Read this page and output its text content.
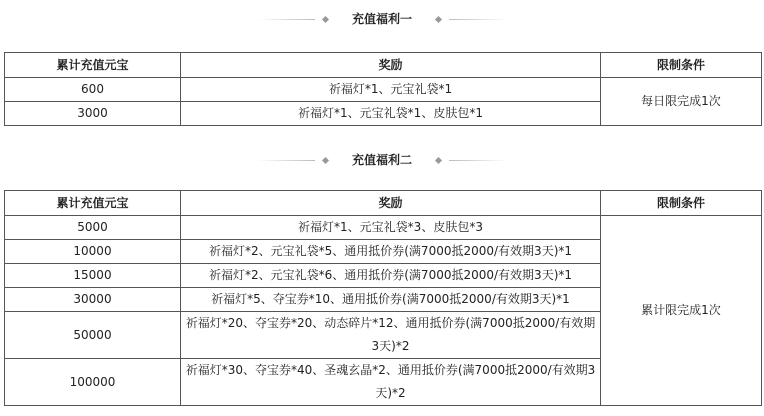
充值福利一
累计充值元宝	奖励	限制条件
600	祈福灯*1、元宝礼袋*1	每日限完成1次
3000	祈福灯*1、元宝礼袋*1、皮肤包*1	
充值福利二
累计充值元宝	奖励	限制条件
5000	祈福灯*1、元宝礼袋*3、皮肤包*3	累计限完成1次
10000	祈福灯*2、元宝礼袋*5、通用抵价券(满7000抵2000/有效期3天)*1	
15000	祈福灯*2、元宝礼袋*6、通用抵价券(满7000抵2000/有效期3天)*1	
30000	祈福灯*5、夺宝券*10、通用抵价券(满7000抵2000/有效期3天)*1	
50000	祈福灯*20、夺宝券*20、动态碎片*12、通用抵价券(满7000抵2000/有效期3天)*2	
100000	祈福灯*30、夺宝券*40、圣魂玄晶*2、通用抵价券(满7000抵2000/有效期3天)*2	
